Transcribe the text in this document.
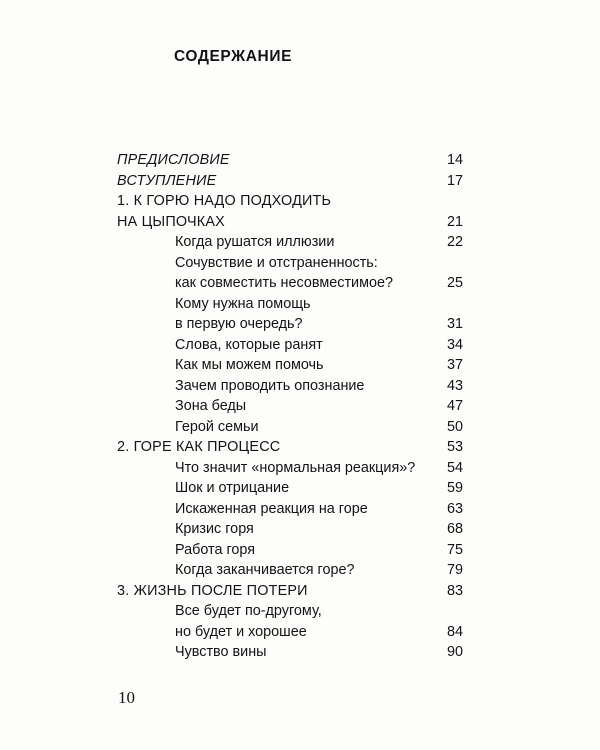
СОДЕРЖАНИЕ
ПРЕДИСЛОВИЕ	14
ВСТУПЛЕНИЕ	17
1. К ГОРЮ НАДО ПОДХОДИТЬ
НА ЦЫПОЧКАХ	21
Когда рушатся иллюзии	22
Сочувствие и отстраненность:
как совместить несовместимое?	25
Кому нужна помощь
в первую очередь?	31
Слова, которые ранят	34
Как мы можем помочь	37
Зачем проводить опознание	43
Зона беды	47
Герой семьи	50
2. ГОРЕ КАК ПРОЦЕСС	53
Что значит «нормальная реакция»? 54
Шок и отрицание	59
Искаженная реакция на горе	63
Кризис горя	68
Работа горя	75
Когда заканчивается горе?	79
3. ЖИЗНЬ ПОСЛЕ ПОТЕРИ	83
Все будет по-другому,
но будет и хорошее	84
Чувство вины	90
10
